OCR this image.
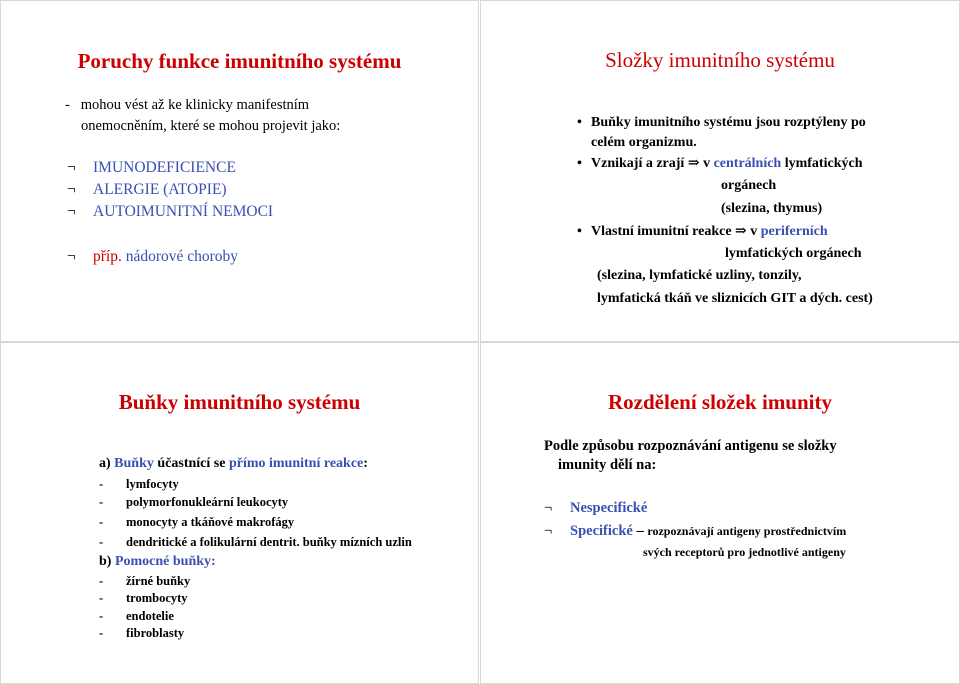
Poruchy funkce imunitního systému
- mohou vést až ke klinicky manifestním
onemocněním, které se mohou projevit jako:
¬ IMUNODEFICIENCE
¬ ALERGIE (ATOPIE)
¬ AUTOIMUNITNÍ NEMOCI
¬ příp. nádorové choroby
Složky imunitního systému
• Buňky imunitního systému jsou rozptýleny po
celém organizmu.
• Vznikají a zrají ⇒ v centrálních lymfatických
orgánech
(slezina, thymus)
• Vlastní imunitní reakce ⇒ v periferních
lymfatických orgánech
(slezina, lymfatické uzliny, tonzily,
lymfatická tkáň ve sliznicích GIT a dých. cest)
Buňky imunitního systému
a) Buňky účastnící se přímo imunitní reakce:
- lymfocyty
- polymorfonukleární leukocyty
- monocyty a tkáňové makrofágy
- dendritické a folikulární dentrit. buňky mízních uzlin
b) Pomocné buňky:
- žírné buňky
- trombocyty
- endotelie
- fibroblasty
Rozdělení složek imunity
Podle způsobu rozpoznávání antigenu se složky
imunity dělí na:
¬ Nespecifické
¬ Specifické – rozpoznávají antigeny prostřednictvím
svých receptorů pro jednotlivé antigeny
